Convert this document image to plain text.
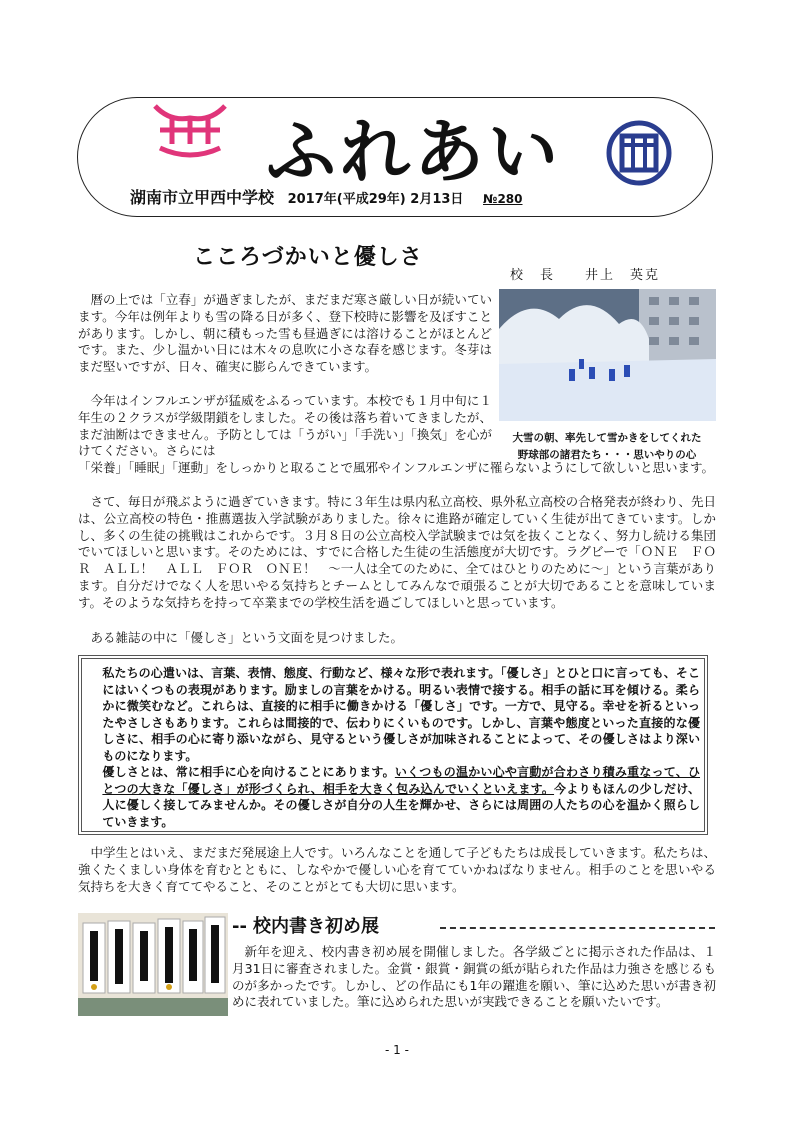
ふれあい
湖南市立甲西中学校 2017年(平成29年) 2月13日 №280
こころづかいと優しさ
校　長　　井上　英克
大雪の朝、率先して雪かきをしてくれた
野球部の諸君たち・・・思いやりの心

暦の上では「立春」が過ぎましたが、まだまだ寒さ厳しい日が続いています。今年は例年よりも雪の降る日が多く、登下校時に影響を及ぼすことがあります。しかし、朝に積もった雪も昼過ぎには溶けることがほとんどです。また、少し温かい日には木々の息吹に小さな春を感じます。冬芽はまだ堅いですが、日々、確実に膨らんできています。

今年はインフルエンザが猛威をふるっています。本校でも１月中旬に１年生の２クラスが学級閉鎖をしました。その後は落ち着いてきましたが、まだ油断はできません。予防としては「うがい」「手洗い」「換気」を心がけてください。さらには

「栄養」「睡眠」「運動」をしっかりと取ることで風邪やインフルエンザに罹らないようにして欲しいと思います。

さて、毎日が飛ぶように過ぎていきます。特に３年生は県内私立高校、県外私立高校の合格発表が終わり、先日は、公立高校の特色・推薦選抜入学試験がありました。徐々に進路が確定していく生徒が出てきています。しかし、多くの生徒の挑戦はこれからです。３月８日の公立高校入学試験までは気を抜くことなく、努力し続ける集団でいてほしいと思います。そのためには、すでに合格した生徒の生活態度が大切です。ラグビーで「ＯＮＥ　ＦＯＲ　ＡＬＬ！　ＡＬＬ　ＦＯＲ　ＯＮＥ！　～一人は全てのために、全てはひとりのために～」という言葉があります。自分だけでなく人を思いやる気持ちとチームとしてみんなで頑張ることが大切であることを意味しています。そのような気持ちを持って卒業までの学校生活を過ごしてほしいと思っています。

ある雑誌の中に「優しさ」という文面を見つけました。

私たちの心遣いは、言葉、表情、態度、行動など、様々な形で表れます。「優しさ」とひと口に言っても、そこにはいくつもの表現があります。励ましの言葉をかける。明るい表情で接する。相手の話に耳を傾ける。柔らかに微笑むなど。これらは、直接的に相手に働きかける「優しさ」です。一方で、見守る。幸せを祈るといったやさしさもあります。これらは間接的で、伝わりにくいものです。しかし、言葉や態度といった直接的な優しさに、相手の心に寄り添いながら、見守るという優しさが加味されることによって、その優しさはより深いものになります。
優しさとは、常に相手に心を向けることにあります。いくつもの温かい心や言動が合わさり積み重なって、ひとつの大きな「優しさ」が形づくられ、相手を大きく包み込んでいくといえます。今よりもほんの少しだけ、人に優しく接してみませんか。その優しさが自分の人生を輝かせ、さらには周囲の人たちの心を温かく照らしていきます。

中学生とはいえ、まだまだ発展途上人です。いろんなことを通して子どもたちは成長していきます。私たちは、強くたくましい身体を育むとともに、しなやかで優しい心を育てていかねばなりません。相手のことを思いやる気持ちを大きく育ててやること、そのことがとても大切に思います。

-- 校内書き初め展

新年を迎え、校内書き初め展を開催しました。各学級ごとに掲示された作品は、１月31日に審査されました。金賞・銀賞・銅賞の紙が貼られた作品は力強さを感じるものが多かったです。しかし、どの作品にも1年の躍進を願い、筆に込めた思いが書き初めに表れていました。筆に込められた思いが実践できることを願いたいです。

- 1 -
